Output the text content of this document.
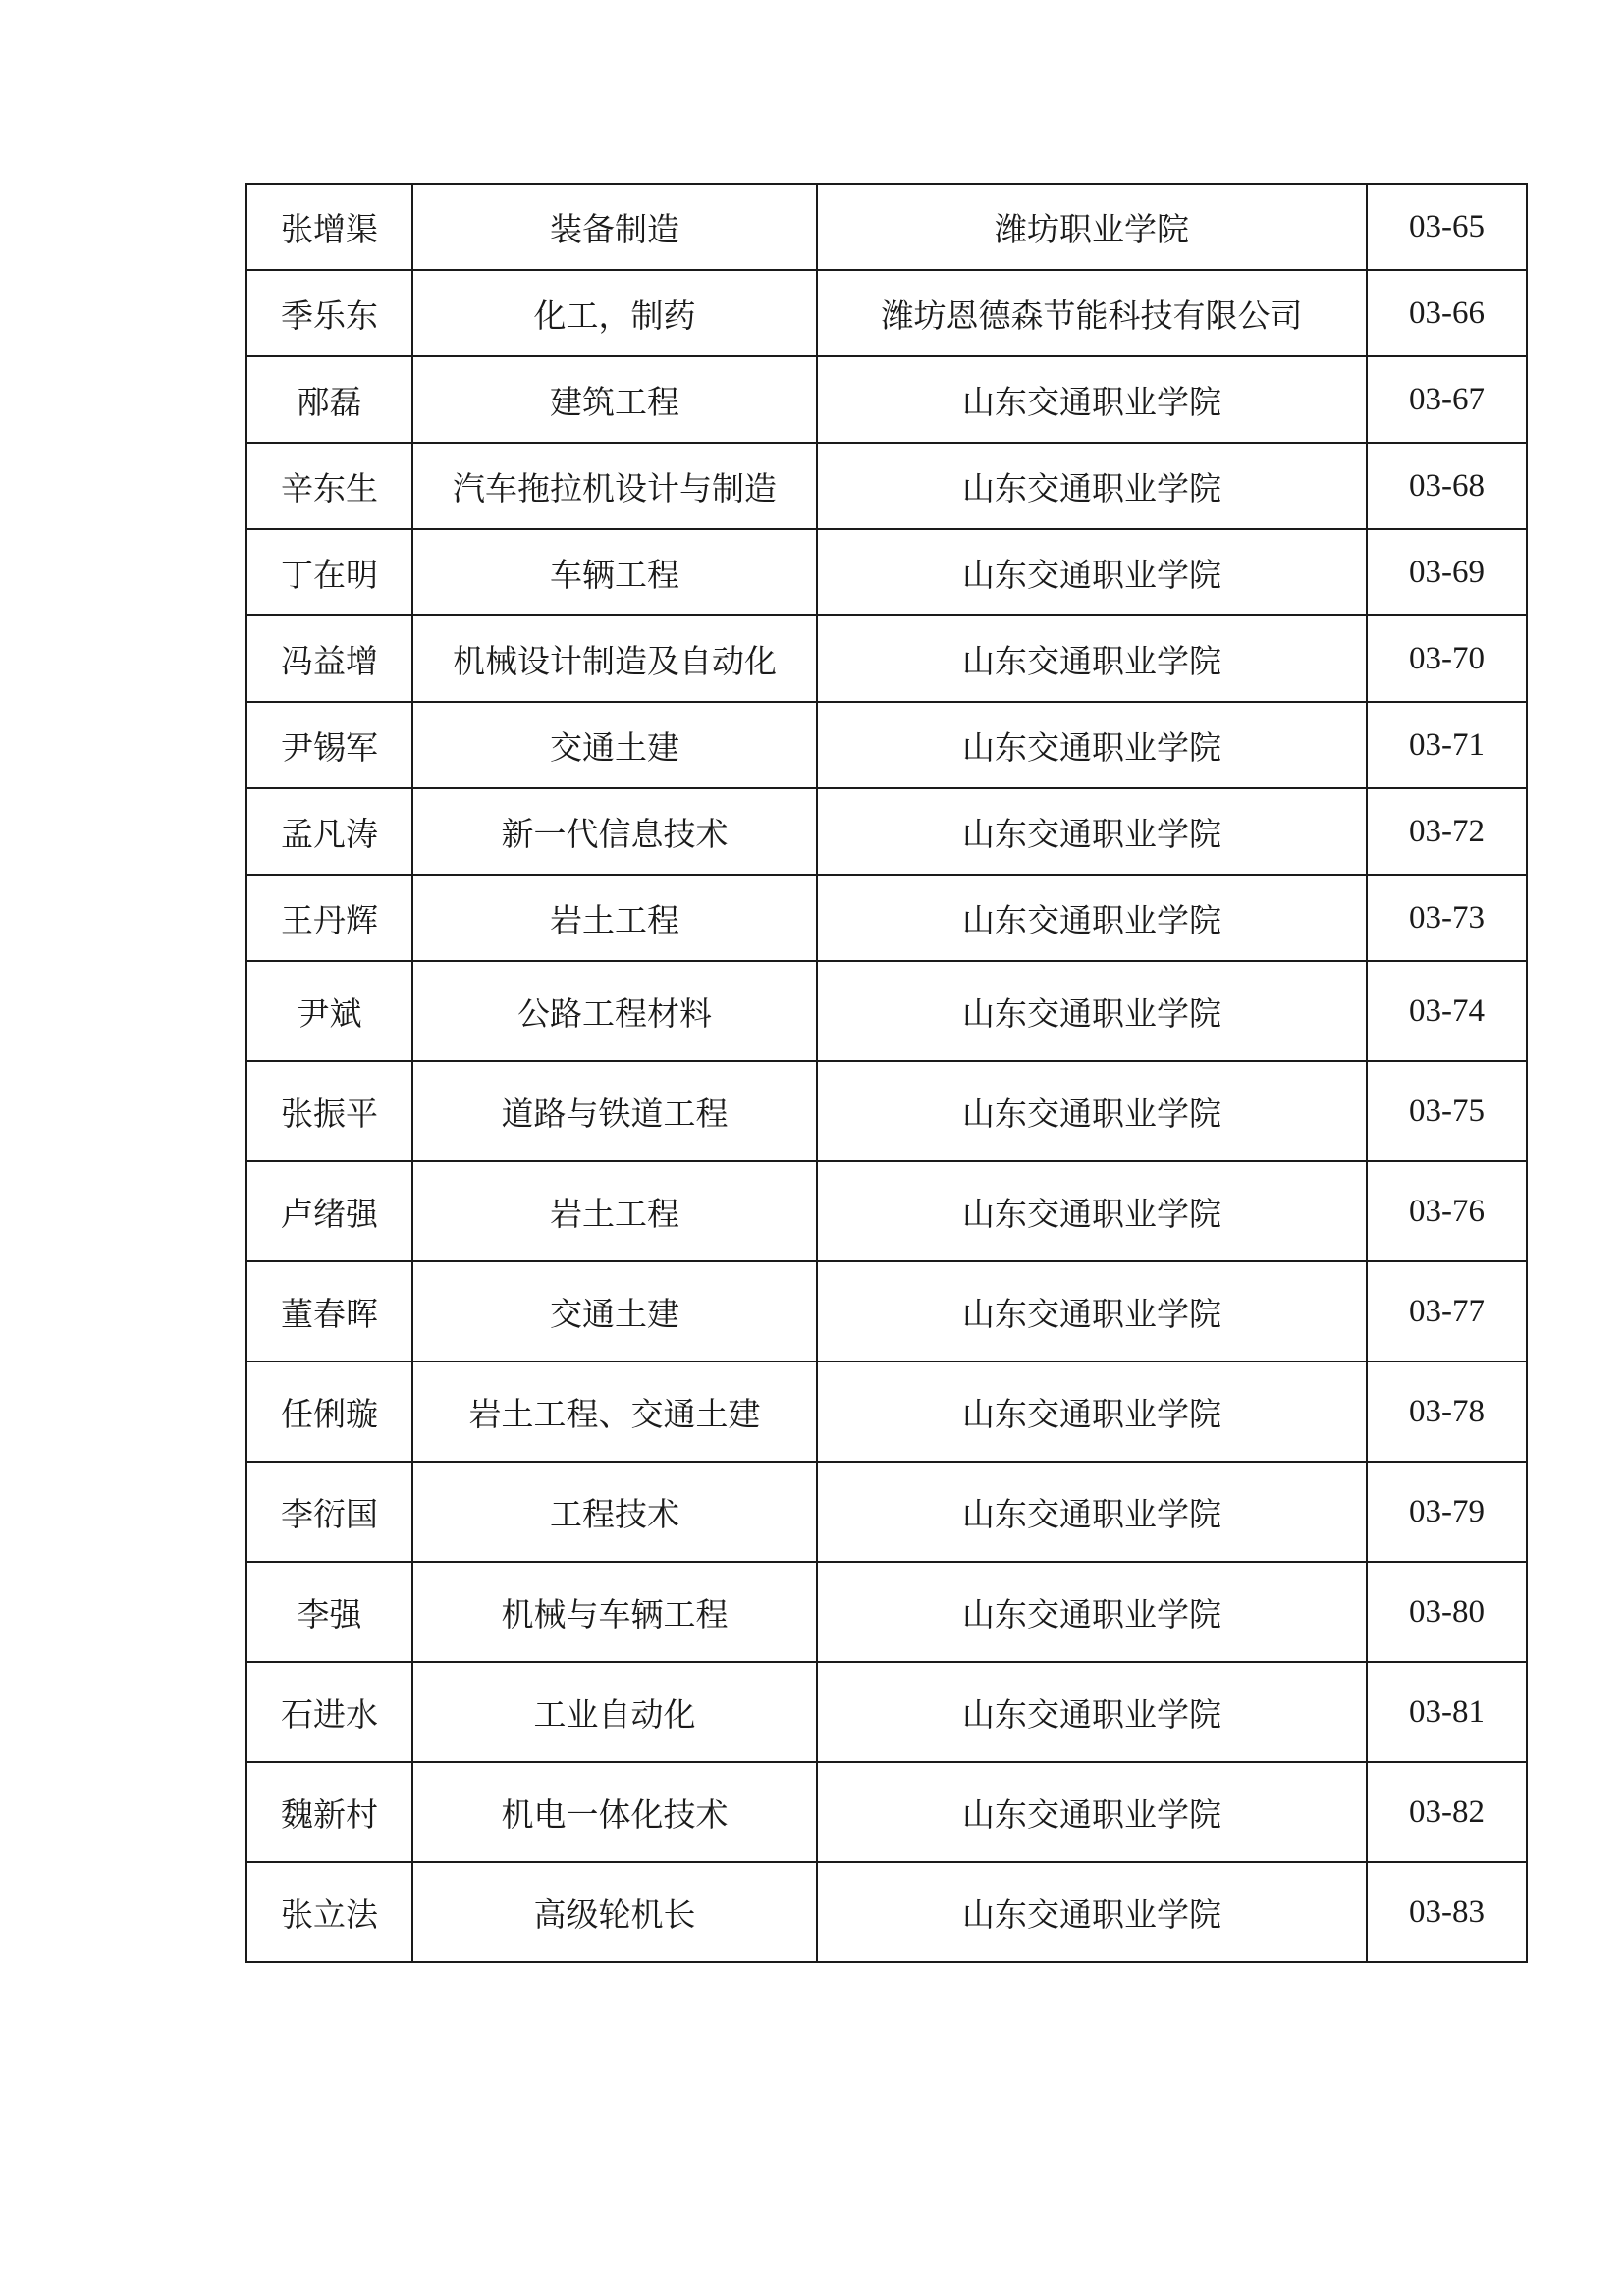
张增渠	装备制造	潍坊职业学院	03-65
季乐东	化工，制药	潍坊恩德森节能科技有限公司	03-66
邴磊	建筑工程	山东交通职业学院	03-67
辛东生	汽车拖拉机设计与制造	山东交通职业学院	03-68
丁在明	车辆工程	山东交通职业学院	03-69
冯益增	机械设计制造及自动化	山东交通职业学院	03-70
尹锡军	交通土建	山东交通职业学院	03-71
孟凡涛	新一代信息技术	山东交通职业学院	03-72
王丹辉	岩土工程	山东交通职业学院	03-73
尹斌	公路工程材料	山东交通职业学院	03-74
张振平	道路与铁道工程	山东交通职业学院	03-75
卢绪强	岩土工程	山东交通职业学院	03-76
董春晖	交通土建	山东交通职业学院	03-77
任俐璇	岩土工程、交通土建	山东交通职业学院	03-78
李衍国	工程技术	山东交通职业学院	03-79
李强	机械与车辆工程	山东交通职业学院	03-80
石进水	工业自动化	山东交通职业学院	03-81
魏新村	机电一体化技术	山东交通职业学院	03-82
张立法	高级轮机长	山东交通职业学院	03-83
